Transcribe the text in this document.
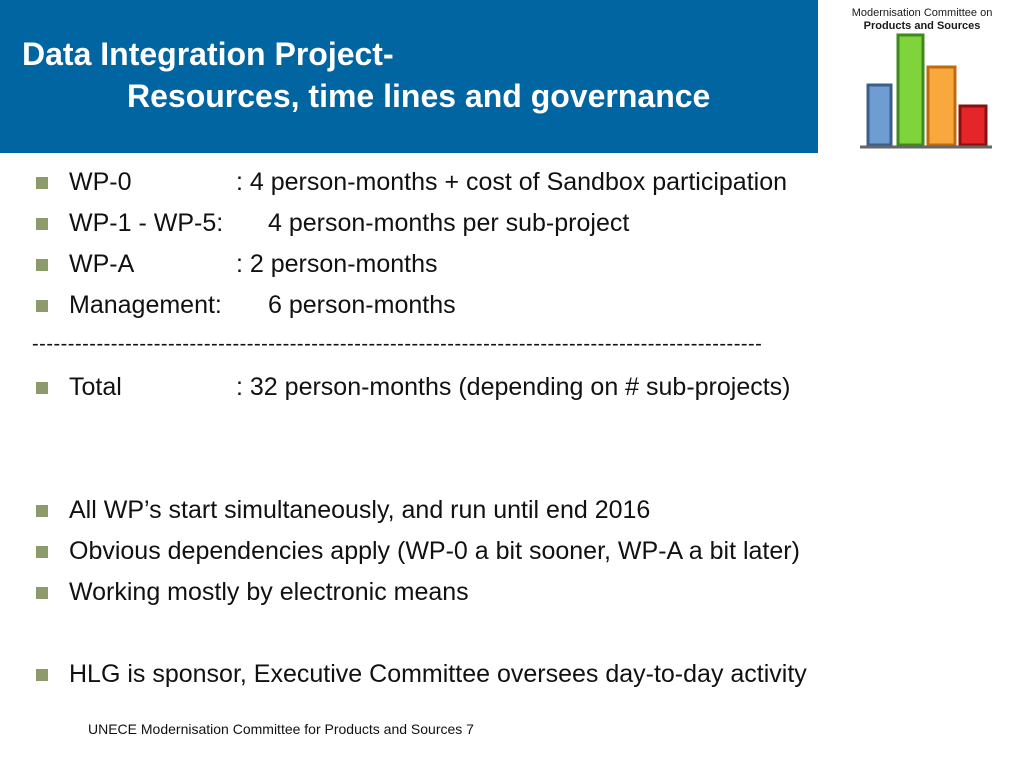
Data Integration Project-
Resources, time lines and governance
Modernisation Committee on
Products and Sources
WP-0	: 4 person-months + cost of Sandbox participation
WP-1 - WP-5: 4 person-months per sub-project
WP-A	: 2 person-months
Management: 6 person-months
------------------------------------------------------------------------------------------------------
Total	: 32 person-months (depending on # sub-projects)
All WP’s start simultaneously, and run until end 2016
Obvious dependencies apply (WP-0 a bit sooner, WP-A a bit later)
Working mostly by electronic means
HLG is sponsor, Executive Committee oversees day-to-day activity
UNECE Modernisation Committee for Products and Sources 7
